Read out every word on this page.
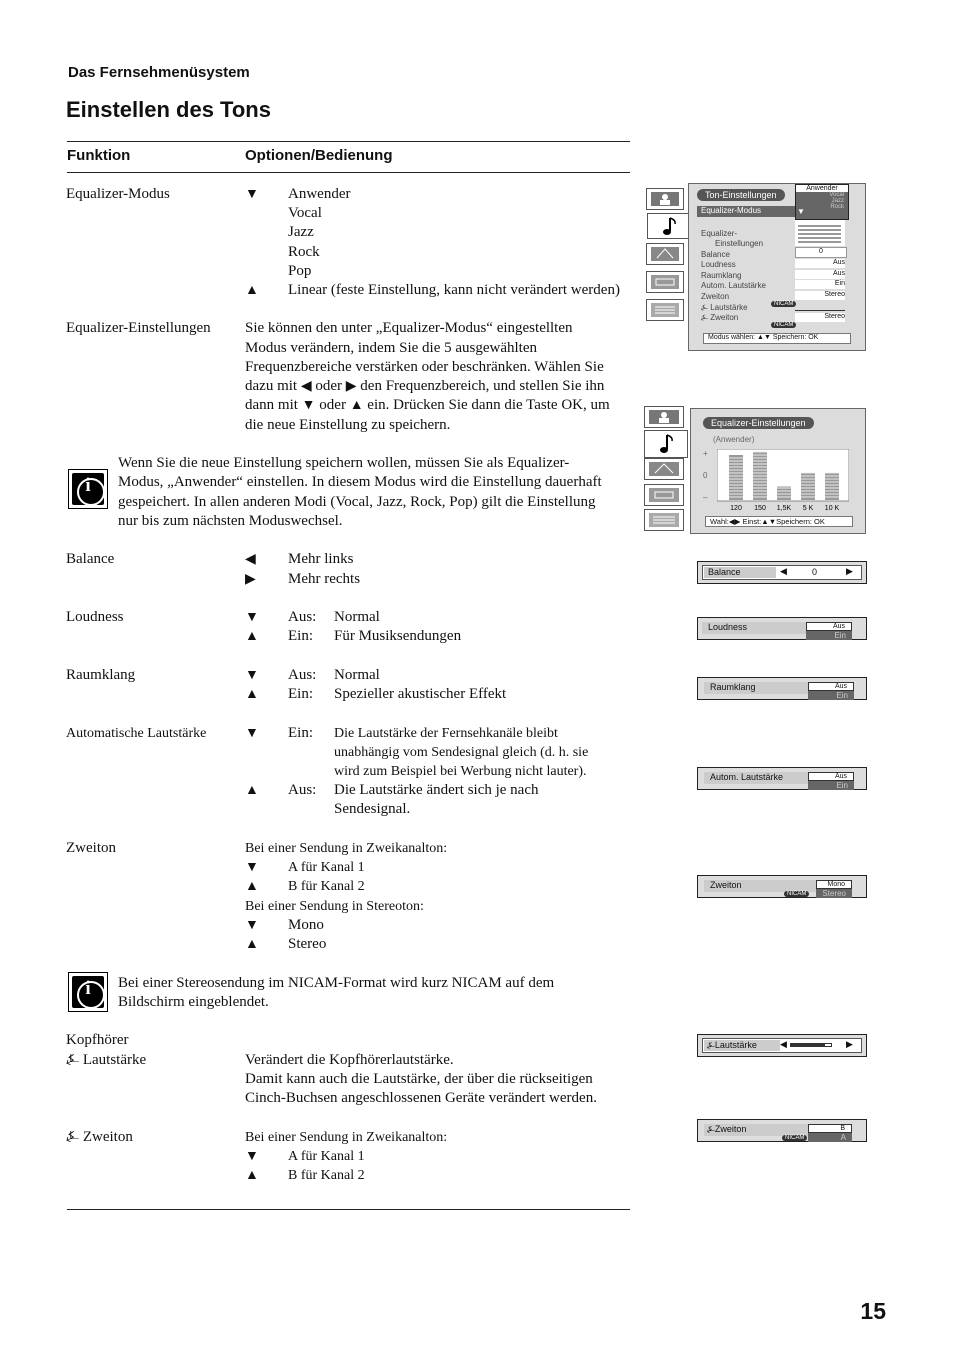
Das Fernsehmenüsystem
Einstellen des Tons
Funktion	Optionen/Bedienung
Equalizer-Modus	▼ Anwender
Vocal
Jazz
Rock
Pop
▲ Linear (feste Einstellung, kann nicht verändert werden)
Equalizer-Einstellungen Sie können den unter „Equalizer-Modus“ eingestellten
Modus verändern, indem Sie die 5 ausgewählten
Frequenzbereiche verstärken oder beschränken. Wählen Sie
dazu mit ◀ oder ▶ den Frequenzbereich, und stellen Sie ihn
dann mit ▼ oder ▲ ein. Drücken Sie dann die Taste OK, um
die neue Einstellung zu speichern.
i
Wenn Sie die neue Einstellung speichern wollen, müssen Sie als Equalizer-
Modus, „Anwender“ einstellen. In diesem Modus wird die Einstellung dauerhaft
gespeichert. In allen anderen Modi (Vocal, Jazz, Rock, Pop) gilt die Einstellung
nur bis zum nächsten Moduswechsel.
Balance	◀ Mehr links
▶ Mehr rechts
Loudness	▼ Aus: Normal
▲ Ein: Für Musiksendungen
Raumklang	▼ Aus: Normal
▲ Ein: Spezieller akustischer Effekt
Automatische Lautstärke	▼ Ein: Die Lautstärke der Fernsehkanäle bleibt
unabhängig vom Sendesignal gleich (d. h. sie
wird zum Beispiel bei Werbung nicht lauter).
▲ Aus: Die Lautstärke ändert sich je nach
Sendesignal.
Zweiton	Bei einer Sendung in Zweikanalton:
▼ A für Kanal 1
▲ B für Kanal 2
Bei einer Sendung in Stereoton:
▼ Mono
▲ Stereo
i	Bei einer Stereosendung im NICAM-Format wird kurz NICAM auf dem
Bildschirm eingeblendet.
Kopfhörer
⍼ Lautstärke	Verändert die Kopfhörerlautstärke.
Damit kann auch die Lautstärke, der über die rückseitigen
Cinch-Buchsen angeschlossenen Geräte verändert werden.
⍼ Zweiton	Bei einer Sendung in Zweikanalton:
▼ A für Kanal 1
▲ B für Kanal 2
15
Ton-Einstellungen
Equalizer-Modus
Equalizer-
Einstellungen
Balance
Loudness
Raumklang
Autom. Lautstärke
Zweiton
⍼ Lautstärke
⍼ Zweiton
0
Aus
Aus
Ein
NICAM
Stereo
NICAM
Stereo
Anwender
Vocal
Jazz
Rock
▼
Modus wählen: ▲▼ Speichern: OK
Equalizer-Einstellungen
(Anwender)
+
0
–
120 150 1,5K 5 K 10 K
Wahl:◀▶ Einst:▲▼Speichern: OK
Balance	◀	0	▶
Loudness	Aus
Ein
Raumklang	Aus
Ein
Autom. Lautstärke	Aus
Ein
Zweiton
NICAM
Mono
Stereo
⍼Lautstärke	◀	▶
⍼Zweiton
NICAM
B
A
